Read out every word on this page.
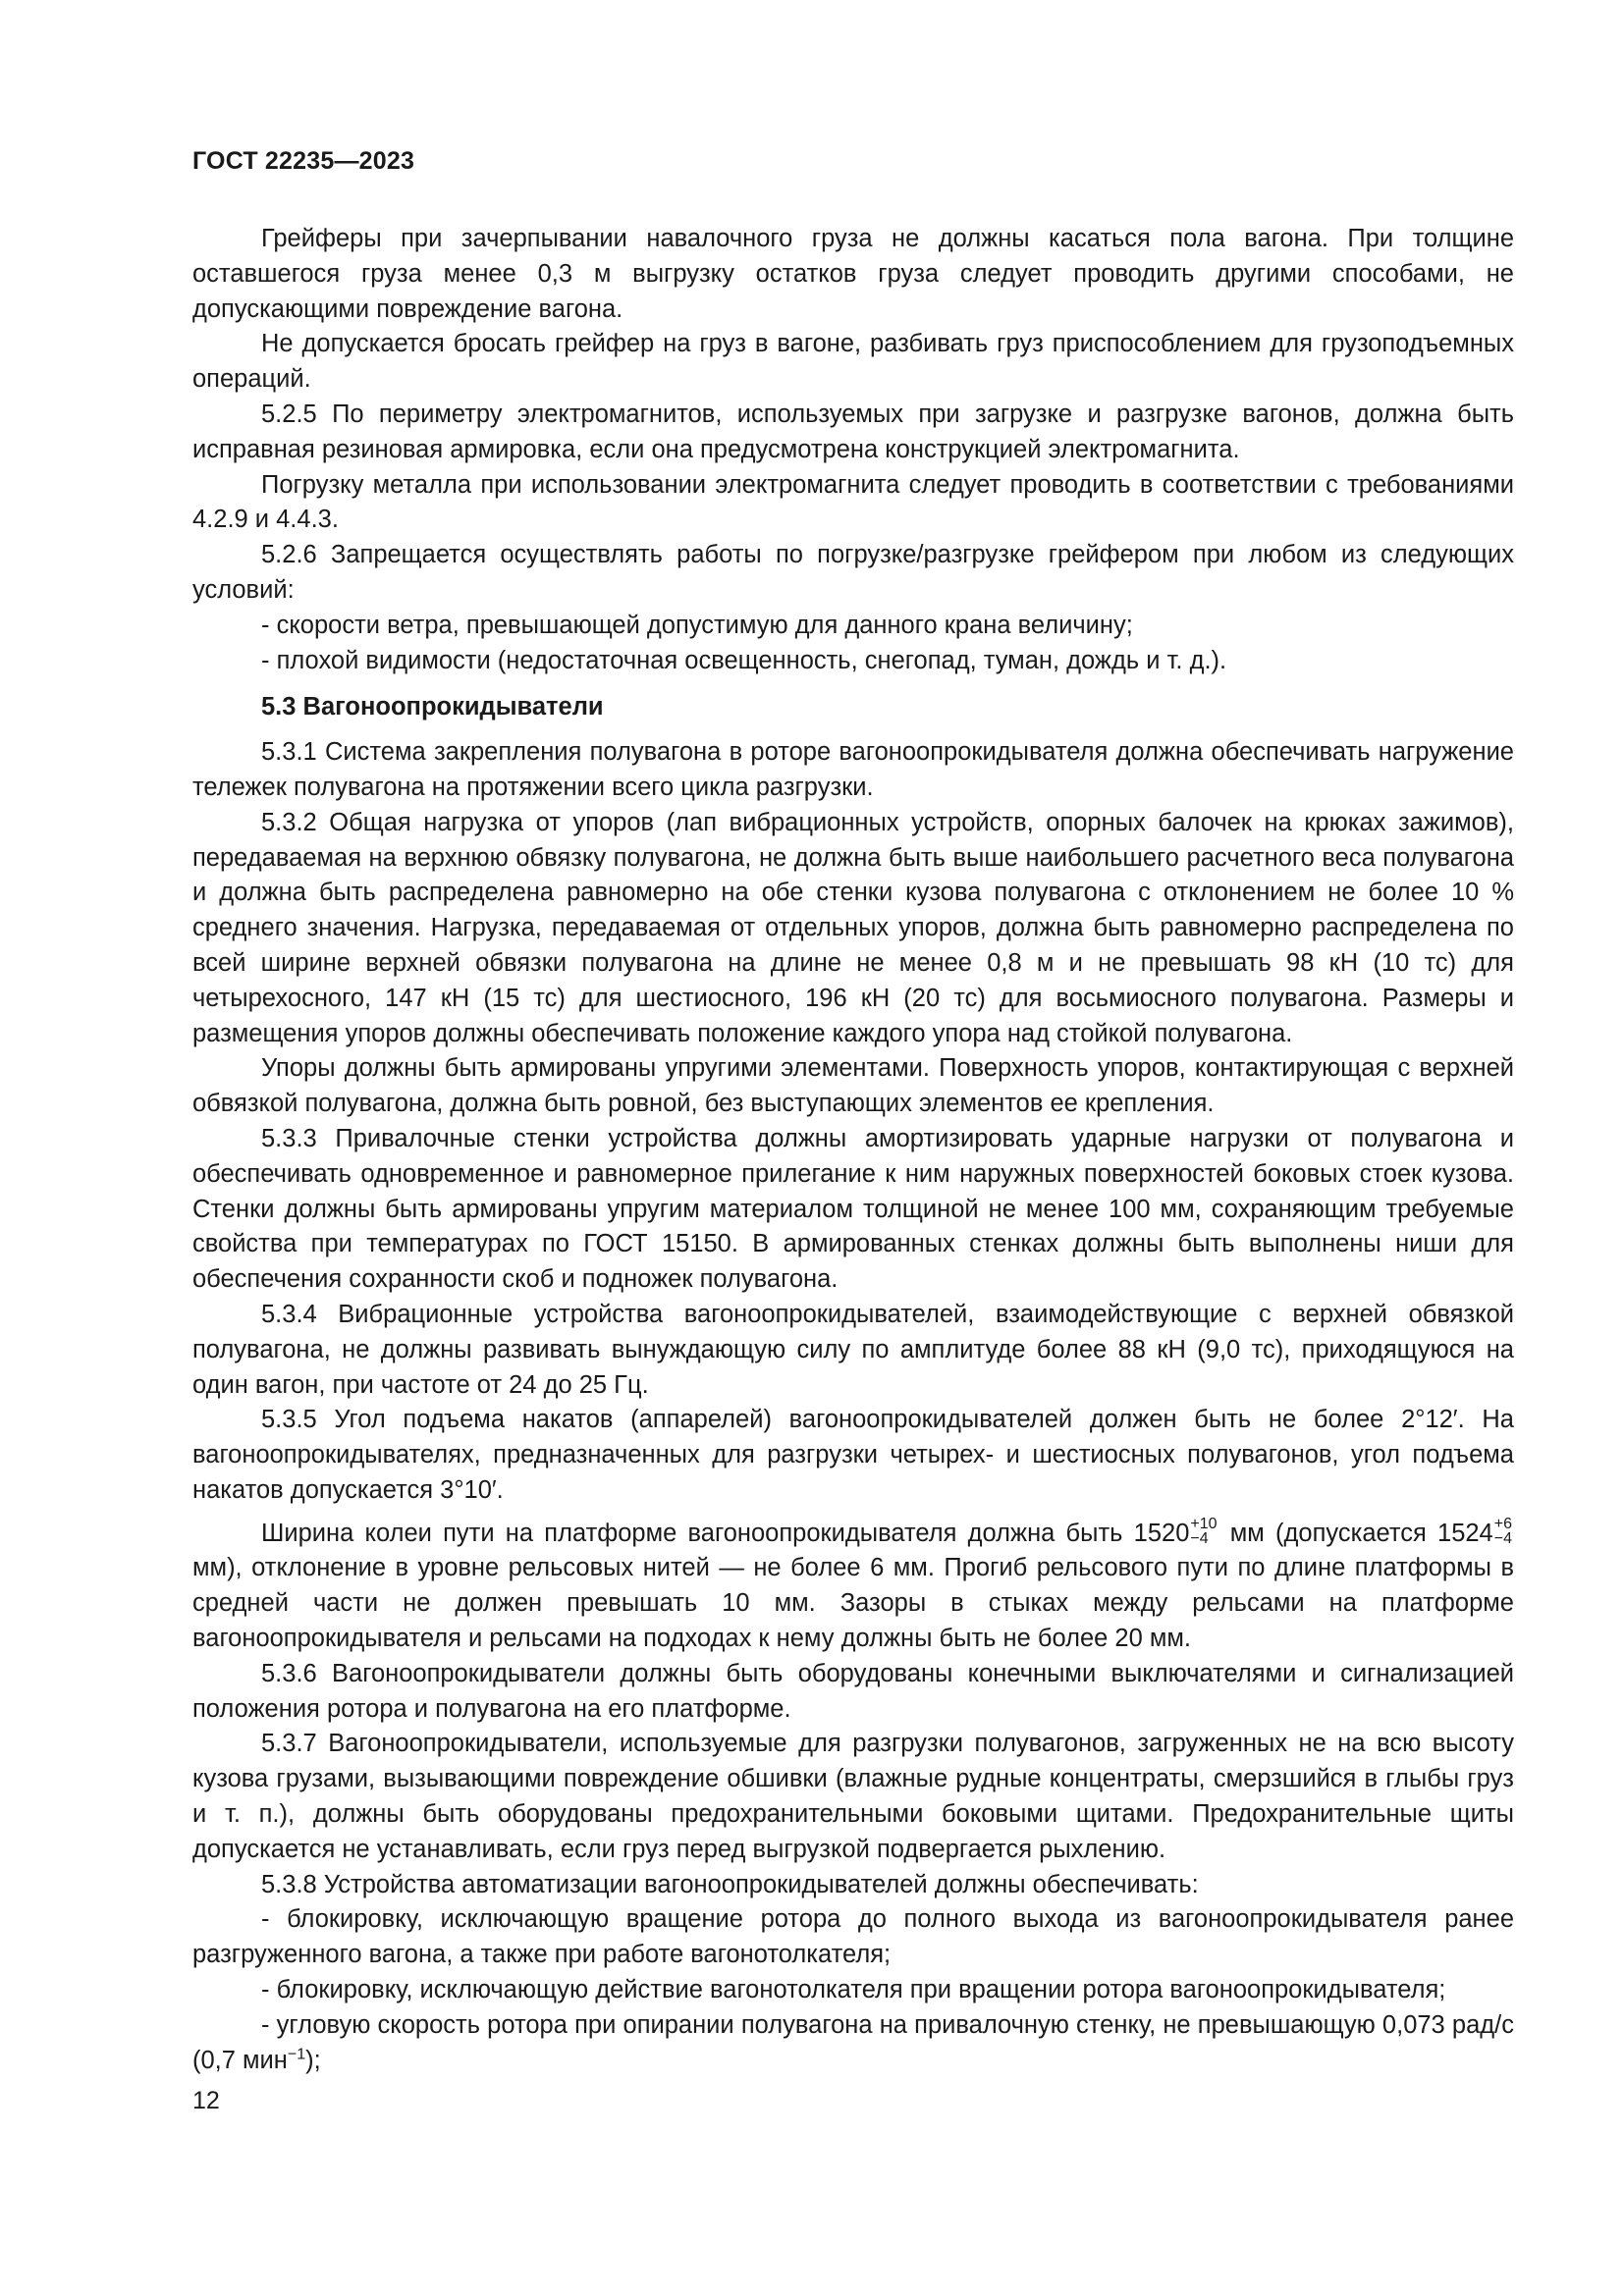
ГОСТ 22235—2023

Грейферы при зачерпывании навалочного груза не должны касаться пола вагона. При толщине оставшегося груза менее 0,3 м выгрузку остатков груза следует проводить другими способами, не допускающими повреждение вагона.

Не допускается бросать грейфер на груз в вагоне, разбивать груз приспособлением для грузоподъемных операций.

5.2.5 По периметру электромагнитов, используемых при загрузке и разгрузке вагонов, должна быть исправная резиновая армировка, если она предусмотрена конструкцией электромагнита.

Погрузку металла при использовании электромагнита следует проводить в соответствии с требованиями 4.2.9 и 4.4.3.

5.2.6 Запрещается осуществлять работы по погрузке/разгрузке грейфером при любом из следующих условий:

- скорости ветра, превышающей допустимую для данного крана величину;

- плохой видимости (недостаточная освещенность, снегопад, туман, дождь и т. д.).

5.3 Вагоноопрокидыватели

5.3.1 Система закрепления полувагона в роторе вагоноопрокидывателя должна обеспечивать нагружение тележек полувагона на протяжении всего цикла разгрузки.

5.3.2 Общая нагрузка от упоров (лап вибрационных устройств, опорных балочек на крюках зажимов), передаваемая на верхнюю обвязку полувагона, не должна быть выше наибольшего расчетного веса полувагона и должна быть распределена равномерно на обе стенки кузова полувагона с отклонением не более 10 % среднего значения. Нагрузка, передаваемая от отдельных упоров, должна быть равномерно распределена по всей ширине верхней обвязки полувагона на длине не менее 0,8 м и не превышать 98 кН (10 тс) для четырехосного, 147 кН (15 тс) для шестиосного, 196 кН (20 тс) для восьмиосного полувагона. Размеры и размещения упоров должны обеспечивать положение каждого упора над стойкой полувагона.

Упоры должны быть армированы упругими элементами. Поверхность упоров, контактирующая с верхней обвязкой полувагона, должна быть ровной, без выступающих элементов ее крепления.

5.3.3 Привалочные стенки устройства должны амортизировать ударные нагрузки от полувагона и обеспечивать одновременное и равномерное прилегание к ним наружных поверхностей боковых стоек кузова. Стенки должны быть армированы упругим материалом толщиной не менее 100 мм, сохраняющим требуемые свойства при температурах по ГОСТ 15150. В армированных стенках должны быть выполнены ниши для обеспечения сохранности скоб и подножек полувагона.

5.3.4 Вибрационные устройства вагоноопрокидывателей, взаимодействующие с верхней обвязкой полувагона, не должны развивать вынуждающую силу по амплитуде более 88 кН (9,0 тс), приходящуюся на один вагон, при частоте от 24 до 25 Гц.

5.3.5 Угол подъема накатов (аппарелей) вагоноопрокидывателей должен быть не более 2°12′. На вагоноопрокидывателях, предназначенных для разгрузки четырех- и шестиосных полувагонов, угол подъема накатов допускается 3°10′.

Ширина колеи пути на платформе вагоноопрокидывателя должна быть 1520 +10
−4 мм (допускается 1524 +6
−4
мм), отклонение в уровне рельсовых нитей — не более 6 мм. Прогиб рельсового пути по длине платформы в средней части не должен превышать 10 мм. Зазоры в стыках между рельсами на платформе вагоноопрокидывателя и рельсами на подходах к нему должны быть не более 20 мм.

5.3.6 Вагоноопрокидыватели должны быть оборудованы конечными выключателями и сигнализацией положения ротора и полувагона на его платформе.

5.3.7 Вагоноопрокидыватели, используемые для разгрузки полувагонов, загруженных не на всю высоту кузова грузами, вызывающими повреждение обшивки (влажные рудные концентраты, смерзшийся в глыбы груз и т. п.), должны быть оборудованы предохранительными боковыми щитами. Предохранительные щиты допускается не устанавливать, если груз перед выгрузкой подвергается рыхлению.

5.3.8 Устройства автоматизации вагоноопрокидывателей должны обеспечивать:

- блокировку, исключающую вращение ротора до полного выхода из вагоноопрокидывателя ранее разгруженного вагона, а также при работе вагонотолкателя;

- блокировку, исключающую действие вагонотолкателя при вращении ротора вагоноопрокидывателя;

- угловую скорость ротора при опирании полувагона на привалочную стенку, не превышающую 0,073 рад/с (0,7 мин$^{-1}$);

12
